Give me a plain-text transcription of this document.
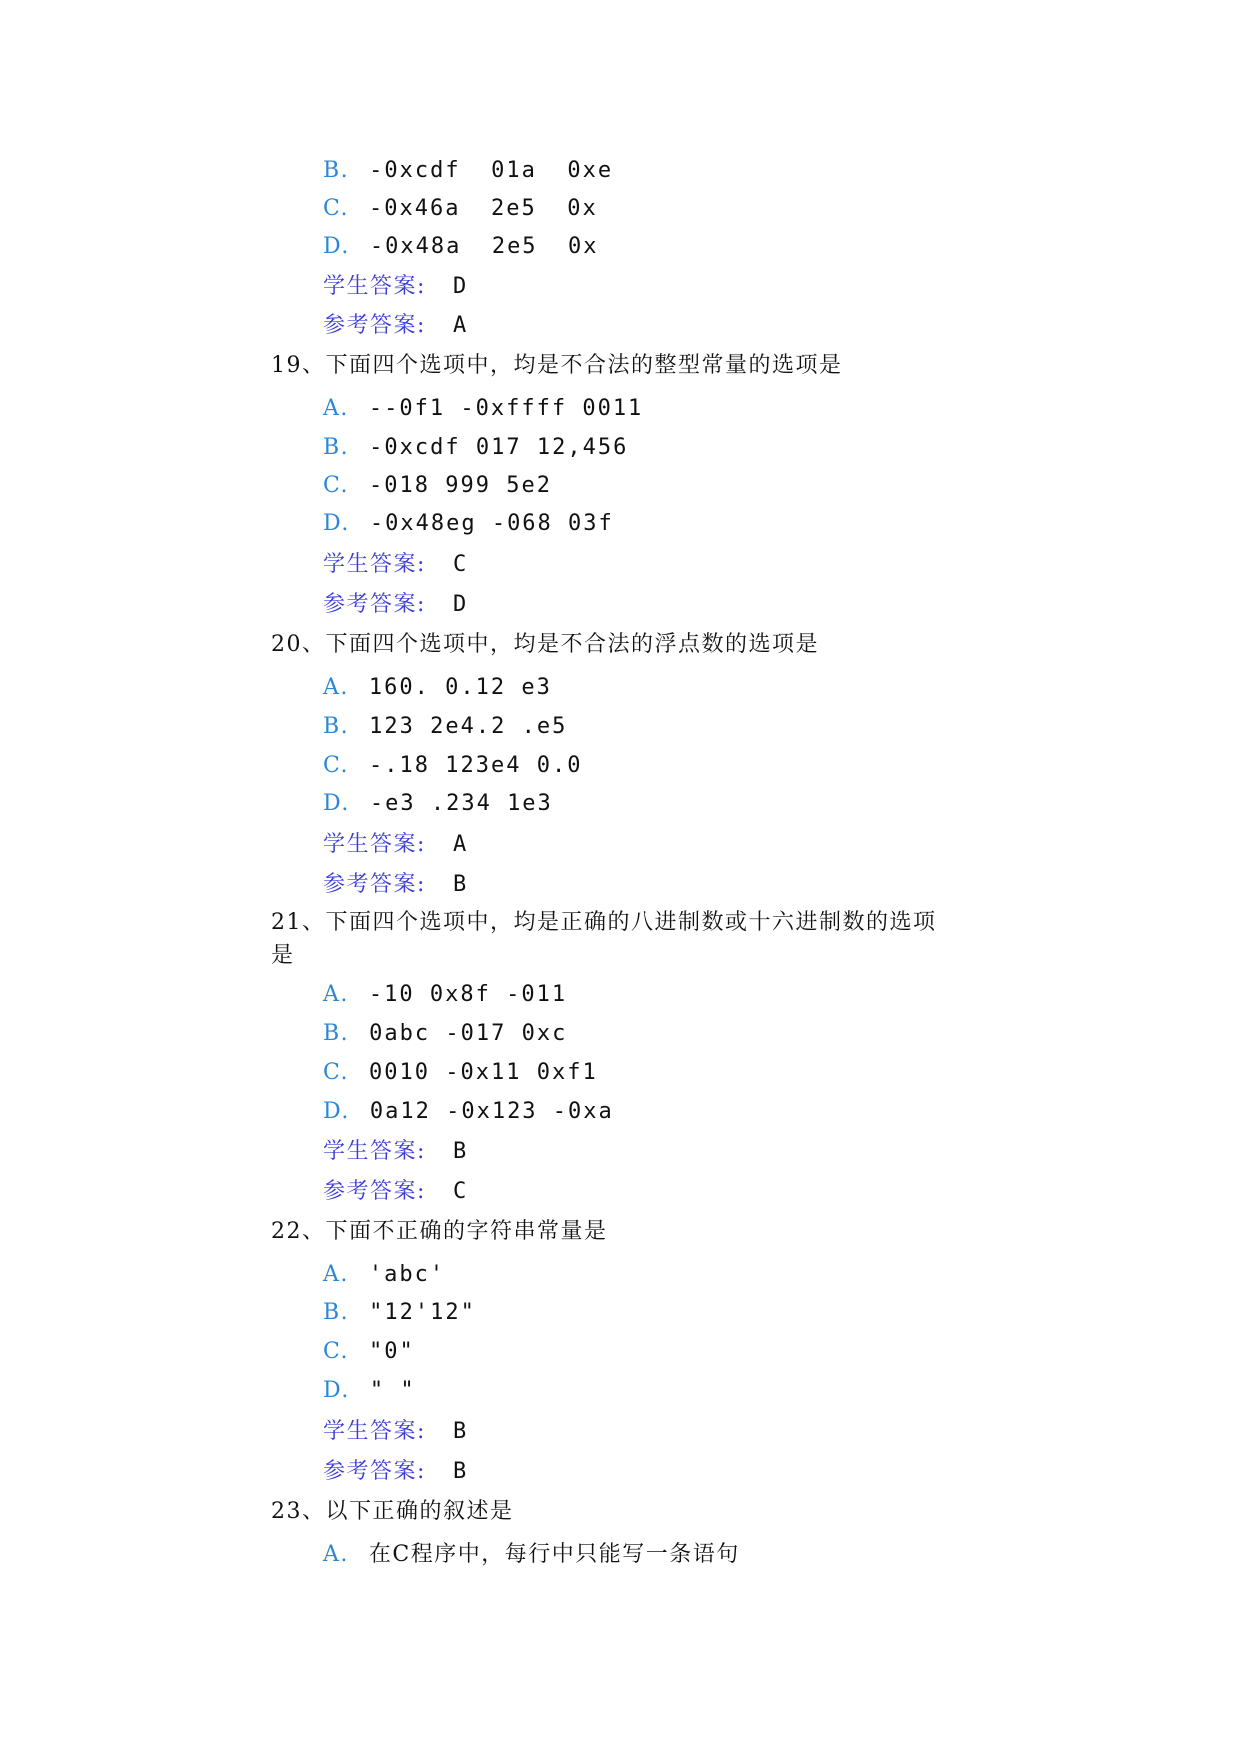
B. -0xcdf  01a  0xe
C. -0x46a  2e5  0x
D. -0x48a  2e5  0x
学生答案: D
参考答案: A
19、下面四个选项中，均是不合法的整型常量的选项是
A. --0f1 -0xffff 0011
B. -0xcdf 017 12,456
C. -018 999 5e2
D. -0x48eg -068 03f
学生答案: C
参考答案: D
20、下面四个选项中，均是不合法的浮点数的选项是
A. 160. 0.12 e3
B. 123 2e4.2 .e5
C. -.18 123e4 0.0
D. -e3 .234 1e3
学生答案: A
参考答案: B
21、下面四个选项中，均是正确的八进制数或十六进制数的选项
是
A. -10 0x8f -011
B. 0abc -017 0xc
C. 0010 -0x11 0xf1
D. 0a12 -0x123 -0xa
学生答案: B
参考答案: C
22、下面不正确的字符串常量是
A. 'abc'
B. "12'12"
C. "0"
D. " "
学生答案: B
参考答案: B
23、以下正确的叙述是
A. 在C程序中，每行中只能写一条语句
